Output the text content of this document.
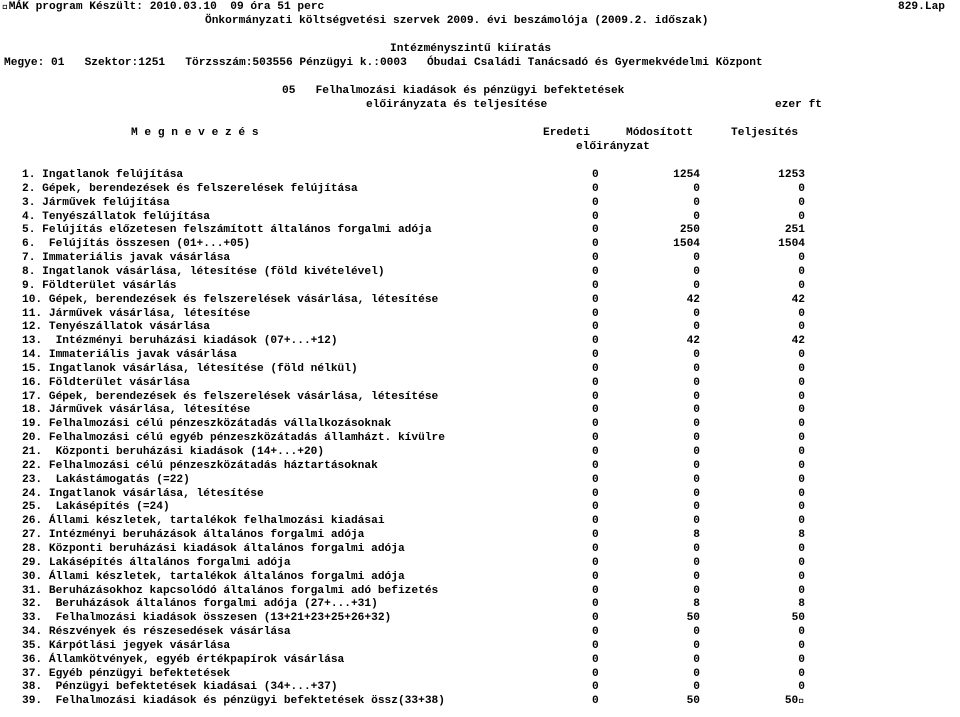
 MÁK program Készült: 2010.03.10  09 óra 51 perc	829.Lap
Önkormányzati költségvetési szervek 2009. évi beszámolója (2009.2. időszak)
Intézményszintű kiíratás
Megye: 01   Szektor:1251   Törzsszám:503556 Pénzügyi k.:0003   Óbudai Családi Tanácsadó és Gyermekvédelmi Központ
05   Felhalmozási kiadások és pénzügyi befektetések
előirányzata és teljesítése	ezer ft
M e g n e v e z é s	Eredeti	Módosított	Teljesítés
előirányzat
1. Ingatlanok felújítása	0	1254	1253
2. Gépek, berendezések és felszerelések felújítása	0	0	0
3. Járművek felújítása	0	0	0
4. Tenyészállatok felújítása	0	0	0
5. Felújítás előzetesen felszámított általános forgalmi adója	0	250	251
6.  Felújítás összesen (01+...+05)	0	1504	1504
7. Immateriális javak vásárlása	0	0	0
8. Ingatlanok vásárlása, létesítése (föld kivételével)	0	0	0
9. Földterület vásárlás	0	0	0
10. Gépek, berendezések és felszerelések vásárlása, létesítése	0	42	42
11. Járművek vásárlása, létesítése	0	0	0
12. Tenyészállatok vásárlása	0	0	0
13.  Intézményi beruházási kiadások (07+...+12)	0	42	42
14. Immateriális javak vásárlása	0	0	0
15. Ingatlanok vásárlása, létesítése (föld nélkül)	0	0	0
16. Földterület vásárlása	0	0	0
17. Gépek, berendezések és felszerelések vásárlása, létesítése	0	0	0
18. Járművek vásárlása, létesítése	0	0	0
19. Felhalmozási célú pénzeszközátadás vállalkozásoknak	0	0	0
20. Felhalmozási célú egyéb pénzeszközátadás államházt. kívülre	0	0	0
21.  Központi beruházási kiadások (14+...+20)	0	0	0
22. Felhalmozási célú pénzeszközátadás háztartásoknak	0	0	0
23.  Lakástámogatás (=22)	0	0	0
24. Ingatlanok vásárlása, létesítése	0	0	0
25.  Lakásépítés (=24)	0	0	0
26. Állami készletek, tartalékok felhalmozási kiadásai	0	0	0
27. Intézményi beruházások általános forgalmi adója	0	8	8
28. Központi beruházási kiadások általános forgalmi adója	0	0	0
29. Lakásépítés általános forgalmi adója	0	0	0
30. Állami készletek, tartalékok általános forgalmi adója	0	0	0
31. Beruházásokhoz kapcsolódó általános forgalmi adó befizetés	0	0	0
32.  Beruházások általános forgalmi adója (27+...+31)	0	8	8
33.  Felhalmozási kiadások összesen (13+21+23+25+26+32)	0	50	50
34. Részvények és részesedések vásárlása	0	0	0
35. Kárpótlási jegyek vásárlása	0	0	0
36. Államkötvények, egyéb értékpapírok vásárlása	0	0	0
37. Egyéb pénzügyi befektetések	0	0	0
38.  Pénzügyi befektetések kiadásai (34+...+37)	0	0	0
39.  Felhalmozási kiadások és pénzügyi befektetések össz(33+38)	0	50	50 
